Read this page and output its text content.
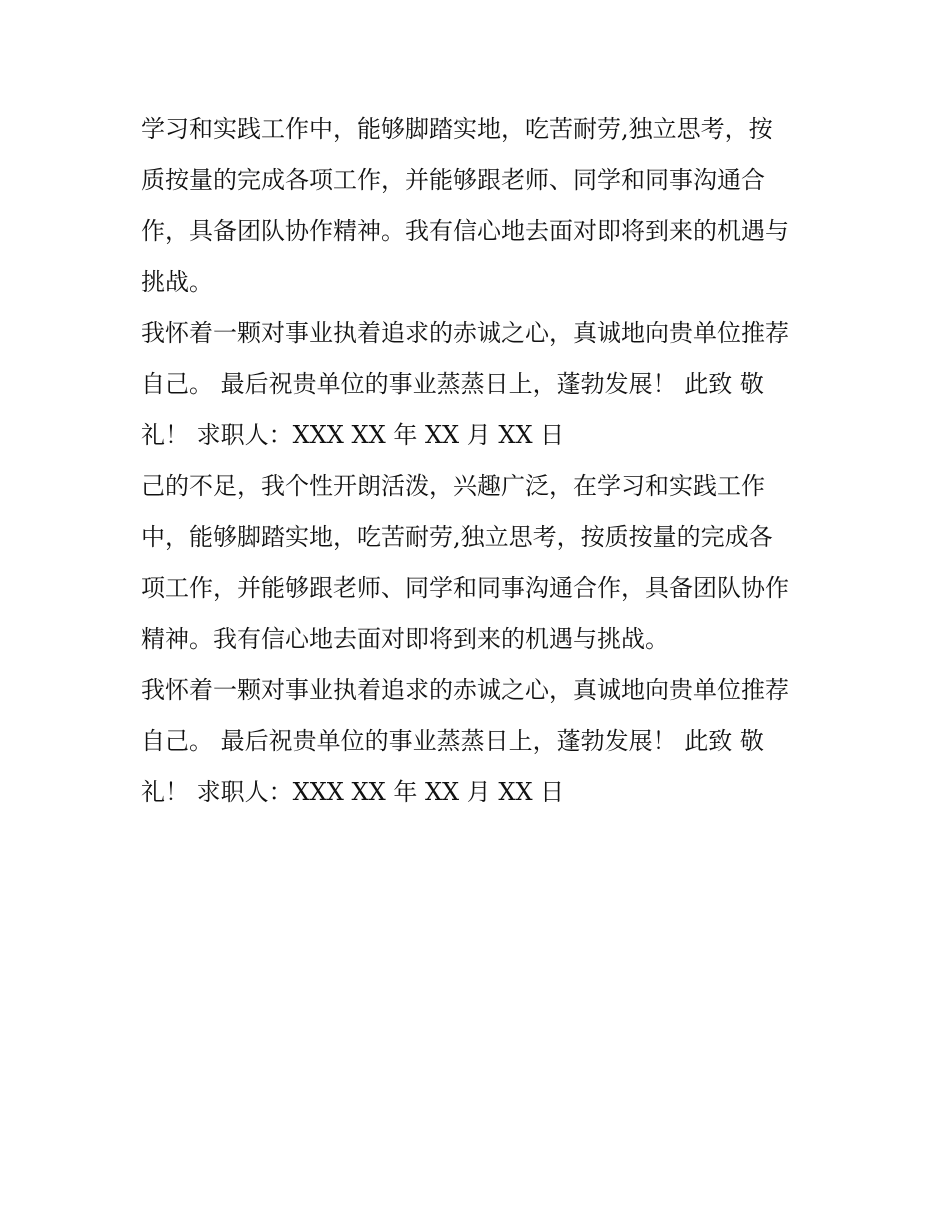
学习和实践工作中，能够脚踏实地，吃苦耐劳,独立思考，按
质按量的完成各项工作，并能够跟老师、同学和同事沟通合
作，具备团队协作精神。我有信心地去面对即将到来的机遇与
挑战。
我怀着一颗对事业执着追求的赤诚之心，真诚地向贵单位推荐
自己。 最后祝贵单位的事业蒸蒸日上，蓬勃发展！ 此致 敬
礼！ 求职人：XXX XX 年 XX 月 XX 日
己的不足，我个性开朗活泼，兴趣广泛，在学习和实践工作
中，能够脚踏实地，吃苦耐劳,独立思考，按质按量的完成各
项工作，并能够跟老师、同学和同事沟通合作，具备团队协作
精神。我有信心地去面对即将到来的机遇与挑战。
我怀着一颗对事业执着追求的赤诚之心，真诚地向贵单位推荐
自己。 最后祝贵单位的事业蒸蒸日上，蓬勃发展！ 此致 敬
礼！ 求职人：XXX XX 年 XX 月 XX 日
